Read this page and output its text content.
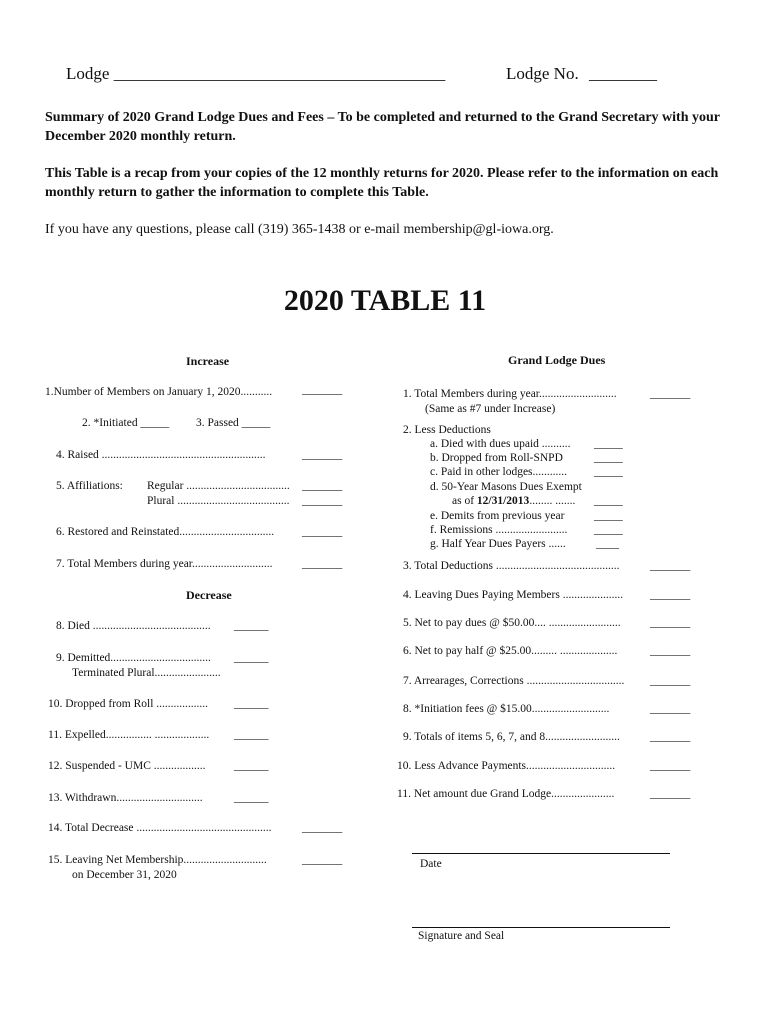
Lodge _______________________________________	Lodge No. ________
Summary of 2020 Grand Lodge Dues and Fees – To be completed and returned to the Grand Secretary with your December 2020 monthly return.
This Table is a recap from your copies of the 12 monthly returns for 2020. Please refer to the information on each monthly return to gather the information to complete this Table.
If you have any questions, please call (319) 365-1438 or e-mail membership@gl-iowa.org.
2020 TABLE 11
Increase
1.Number of Members on January 1, 2020...........	_______
2. *Initiated _____ 3. Passed _____
4. Raised .........................................................	_______
5. Affiliations: Regular .................................... _______
Plural ....................................... _______
6. Restored and Reinstated................................. _______
7. Total Members during year............................	_______
Decrease
8. Died ......................................... ______
9. Demitted................................... ______
Terminated Plural.......................
10. Dropped from Roll .................. ______
11. Expelled................ ................... ______
12. Suspended - UMC .................. ______
13. Withdrawn..............................	______
14. Total Decrease ...............................................	_______
15. Leaving Net Membership.............................	_______
on December 31, 2020
Grand Lodge Dues
1. Total Members during year...........................	_______
(Same as #7 under Increase)
2. Less Deductions
a. Died with dues upaid .......... _____
b. Dropped from Roll-SNPD	_____
c. Paid in other lodges............ _____
d. 50-Year Masons Dues Exempt
as of 12/31/2013........ ....... _____
e. Demits from previous year	_____
f. Remissions ......................... _____
g. Half Year Dues Payers ......	____
3. Total Deductions ...........................................	_______
4. Leaving Dues Paying Members ..................... _______
5. Net to pay dues @ $50.00.... .........................	_______
6. Net to pay half @ $25.00......... ....................	_______
7. Arrearages, Corrections .................................. _______
8. *Initiation fees @ $15.00...........................	_______
9. Totals of items 5, 6, 7, and 8..........................	_______
10. Less Advance Payments...............................	_______
11. Net amount due Grand Lodge......................	_______
Date
Signature and Seal
